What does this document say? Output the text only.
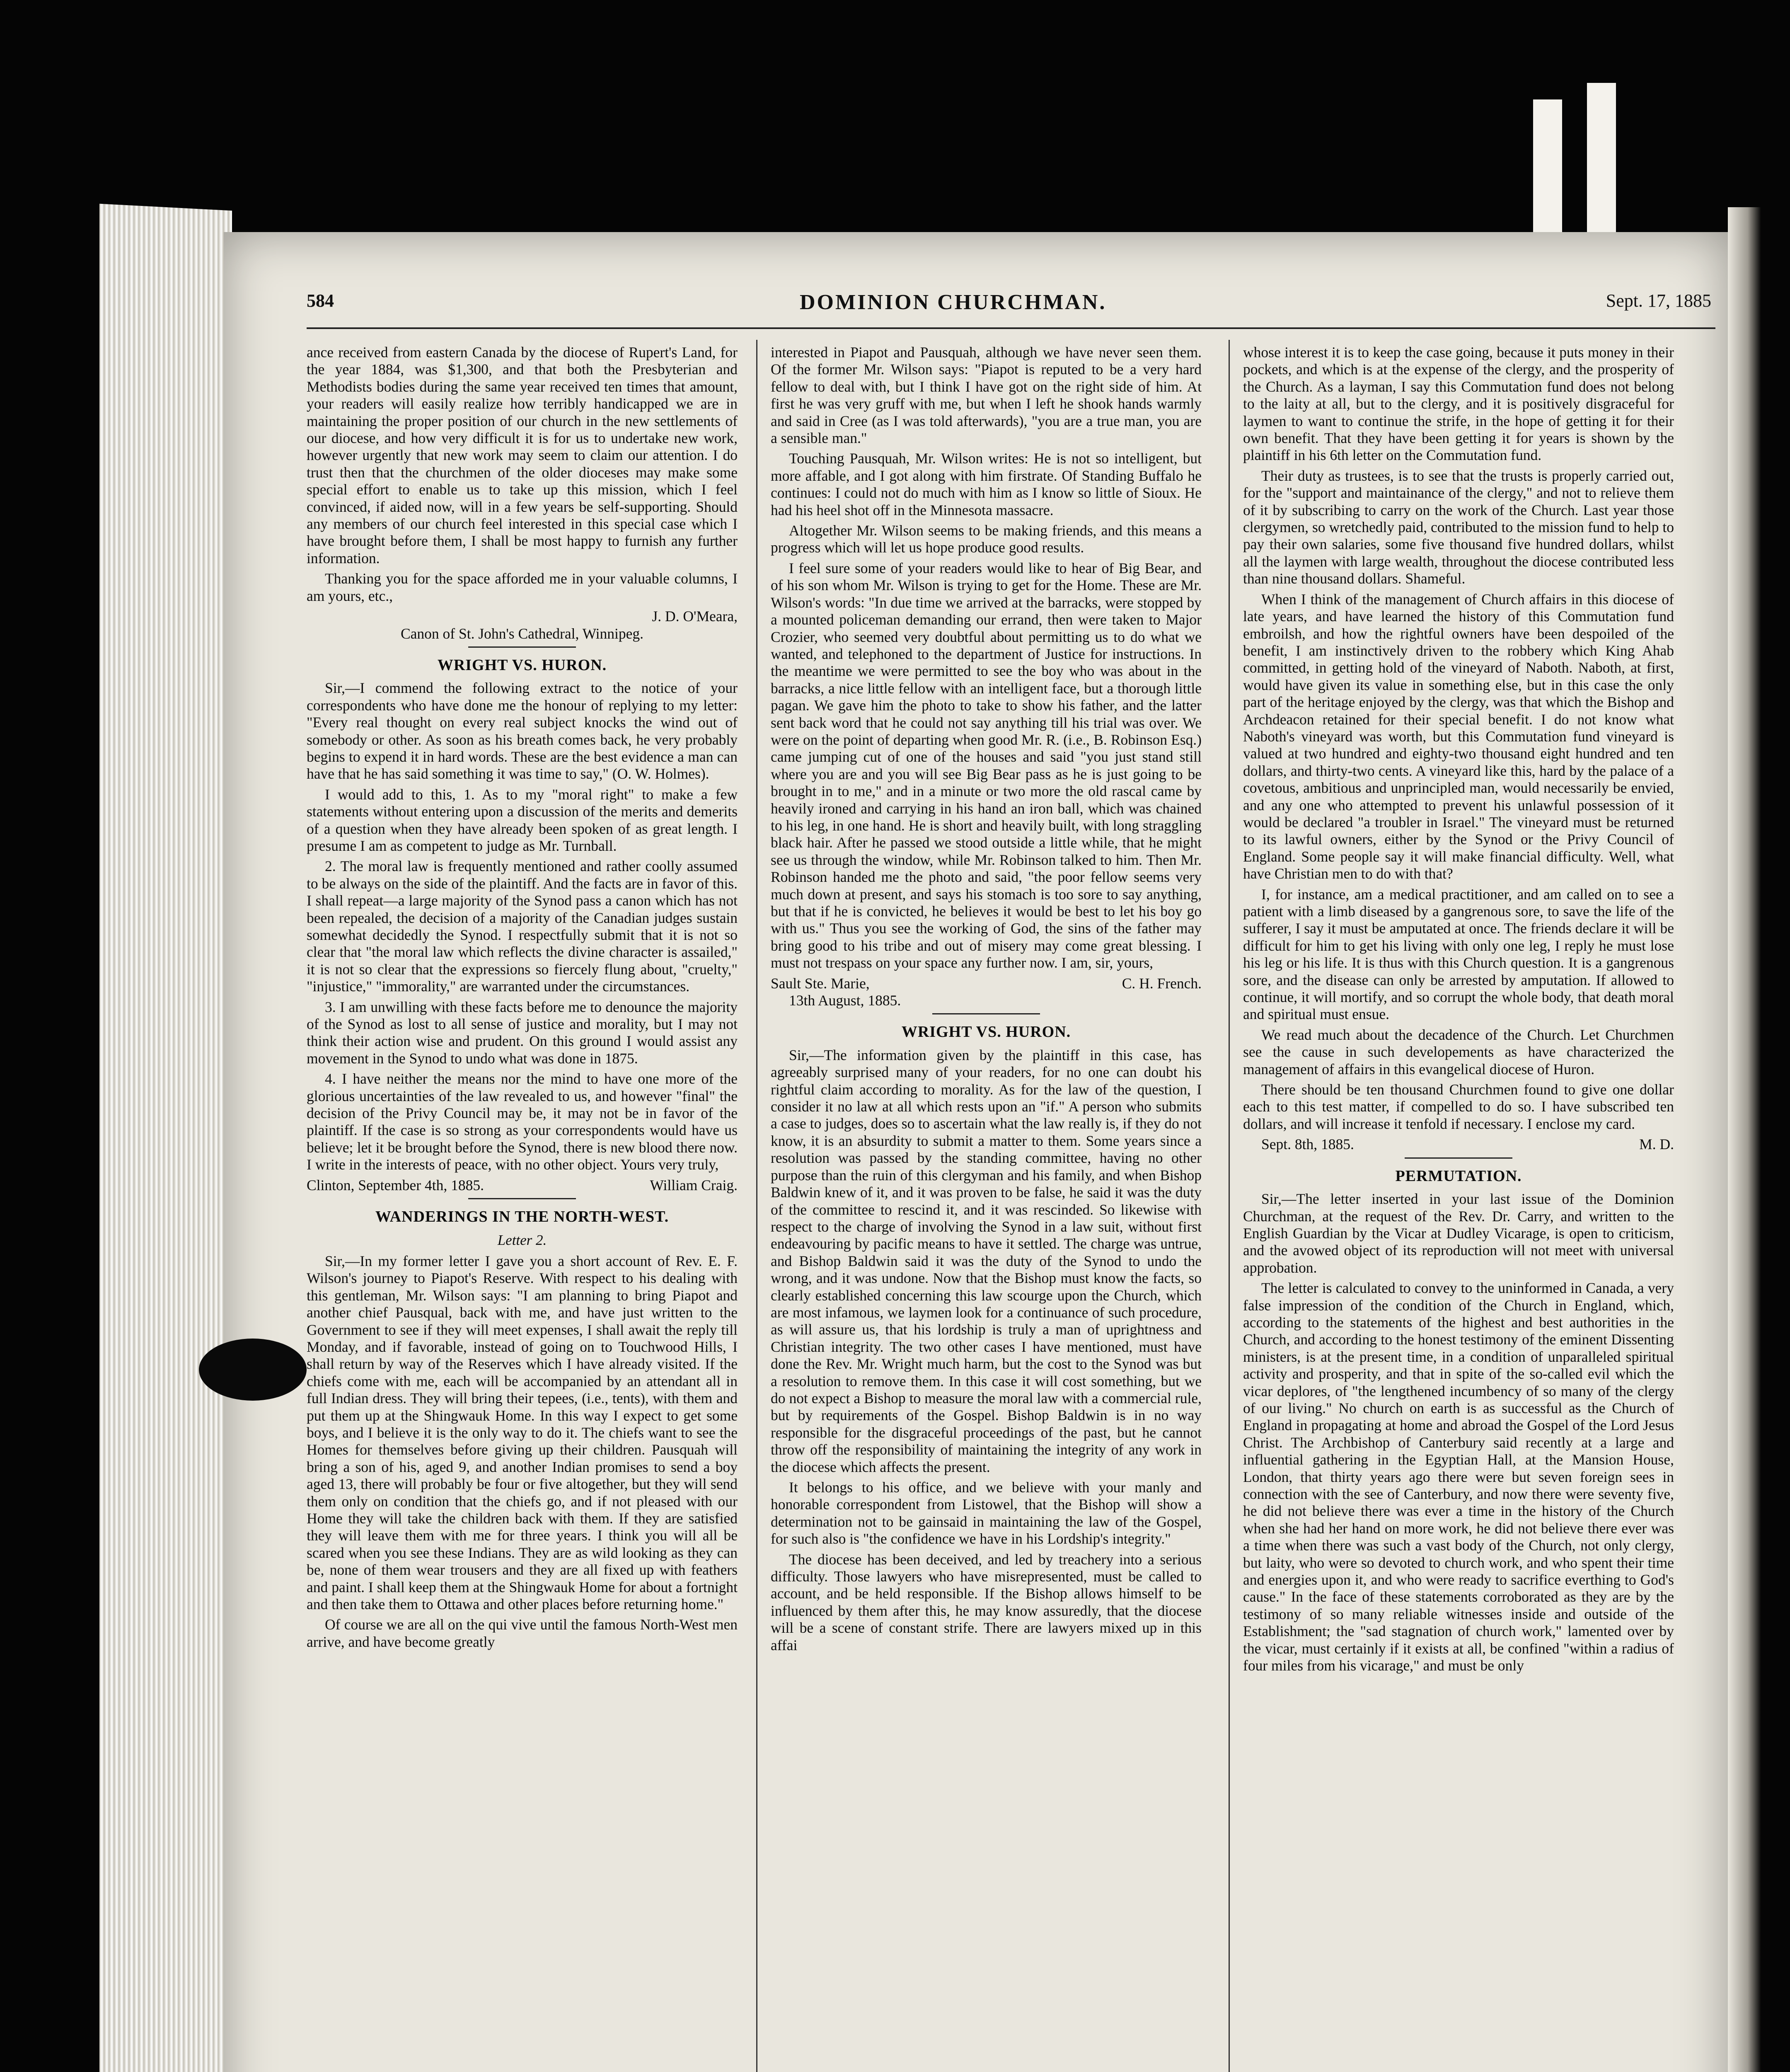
584	DOMINION CHURCHMAN.	Sept. 17, 1885

ance received from eastern Canada by the diocese of Rupert's Land, for the year 1884, was $1,300, and that both the Presbyterian and Methodists bodies during the same year received ten times that amount, your readers will easily realize how terribly handicapped we are in maintaining the proper position of our church in the new settlements of our diocese, and how very difficult it is for us to undertake new work, however urgently that new work may seem to claim our attention. I do trust then that the churchmen of the older dioceses may make some special effort to enable us to take up this mission, which I feel convinced, if aided now, will in a few years be self-supporting. Should any members of our church feel interested in this special case which I have brought before them, I shall be most happy to furnish any further information.

Thanking you for the space afforded me in your valuable columns, I am yours, etc.,

J. D. O'Meara,
Canon of St. John's Cathedral, Winnipeg.
WRIGHT VS. HURON.

Sir,—I commend the following extract to the notice of your correspondents who have done me the honour of replying to my letter: "Every real thought on every real subject knocks the wind out of somebody or other. As soon as his breath comes back, he very probably begins to expend it in hard words. These are the best evidence a man can have that he has said something it was time to say," (O. W. Holmes).

I would add to this, 1. As to my "moral right" to make a few statements without entering upon a discussion of the merits and demerits of a question when they have already been spoken of as great length. I presume I am as competent to judge as Mr. Turnball.

2. The moral law is frequently mentioned and rather coolly assumed to be always on the side of the plaintiff. And the facts are in favor of this. I shall repeat—a large majority of the Synod pass a canon which has not been repealed, the decision of a majority of the Canadian judges sustain somewhat decidedly the Synod. I respectfully submit that it is not so clear that "the moral law which reflects the divine character is assailed," it is not so clear that the expressions so fiercely flung about, "cruelty," "injustice," "immorality," are warranted under the circumstances.

3. I am unwilling with these facts before me to denounce the majority of the Synod as lost to all sense of justice and morality, but I may not think their action wise and prudent. On this ground I would assist any movement in the Synod to undo what was done in 1875.

4. I have neither the means nor the mind to have one more of the glorious uncertainties of the law revealed to us, and however "final" the decision of the Privy Council may be, it may not be in favor of the plaintiff. If the case is so strong as your correspondents would have us believe; let it be brought before the Synod, there is new blood there now. I write in the interests of peace, with no other object. Yours very truly,

Clinton, September 4th, 1885.	William Craig.
WANDERINGS IN THE NORTH-WEST.
Letter 2.

Sir,—In my former letter I gave you a short account of Rev. E. F. Wilson's journey to Piapot's Reserve. With respect to his dealing with this gentleman, Mr. Wilson says: "I am planning to bring Piapot and another chief Pausqual, back with me, and have just written to the Government to see if they will meet expenses, I shall await the reply till Monday, and if favorable, instead of going on to Touchwood Hills, I shall return by way of the Reserves which I have already visited. If the chiefs come with me, each will be accompanied by an attendant all in full Indian dress. They will bring their tepees, (i.e., tents), with them and put them up at the Shingwauk Home. In this way I expect to get some boys, and I believe it is the only way to do it. The chiefs want to see the Homes for themselves before giving up their children. Pausquah will bring a son of his, aged 9, and another Indian promises to send a boy aged 13, there will probably be four or five altogether, but they will send them only on condition that the chiefs go, and if not pleased with our Home they will take the children back with them. If they are satisfied they will leave them with me for three years. I think you will all be scared when you see these Indians. They are as wild looking as they can be, none of them wear trousers and they are all fixed up with feathers and paint. I shall keep them at the Shingwauk Home for about a fortnight and then take them to Ottawa and other places before returning home."

Of course we are all on the qui vive until the famous North-West men arrive, and have become greatly

interested in Piapot and Pausquah, although we have never seen them. Of the former Mr. Wilson says: "Piapot is reputed to be a very hard fellow to deal with, but I think I have got on the right side of him. At first he was very gruff with me, but when I left he shook hands warmly and said in Cree (as I was told afterwards), "you are a true man, you are a sensible man."

Touching Pausquah, Mr. Wilson writes: He is not so intelligent, but more affable, and I got along with him firstrate. Of Standing Buffalo he continues: I could not do much with him as I know so little of Sioux. He had his heel shot off in the Minnesota massacre.

Altogether Mr. Wilson seems to be making friends, and this means a progress which will let us hope produce good results.

I feel sure some of your readers would like to hear of Big Bear, and of his son whom Mr. Wilson is trying to get for the Home. These are Mr. Wilson's words: "In due time we arrived at the barracks, were stopped by a mounted policeman demanding our errand, then were taken to Major Crozier, who seemed very doubtful about permitting us to do what we wanted, and telephoned to the department of Justice for instructions. In the meantime we were permitted to see the boy who was about in the barracks, a nice little fellow with an intelligent face, but a thorough little pagan. We gave him the photo to take to show his father, and the latter sent back word that he could not say anything till his trial was over. We were on the point of departing when good Mr. R. (i.e., B. Robinson Esq.) came jumping cut of one of the houses and said "you just stand still where you are and you will see Big Bear pass as he is just going to be brought in to me," and in a minute or two more the old rascal came by heavily ironed and carrying in his hand an iron ball, which was chained to his leg, in one hand. He is short and heavily built, with long straggling black hair. After he passed we stood outside a little while, that he might see us through the window, while Mr. Robinson talked to him. Then Mr. Robinson handed me the photo and said, "the poor fellow seems very much down at present, and says his stomach is too sore to say anything, but that if he is convicted, he believes it would be best to let his boy go with us." Thus you see the working of God, the sins of the father may bring good to his tribe and out of misery may come great blessing. I must not trespass on your space any further now. I am, sir, yours,

Sault Ste. Marie,	C. H. French.
13th August, 1885.
WRIGHT VS. HURON.

Sir,—The information given by the plaintiff in this case, has agreeably surprised many of your readers, for no one can doubt his rightful claim according to morality. As for the law of the question, I consider it no law at all which rests upon an "if." A person who submits a case to judges, does so to ascertain what the law really is, if they do not know, it is an absurdity to submit a matter to them. Some years since a resolution was passed by the standing committee, having no other purpose than the ruin of this clergyman and his family, and when Bishop Baldwin knew of it, and it was proven to be false, he said it was the duty of the committee to rescind it, and it was rescinded. So likewise with respect to the charge of involving the Synod in a law suit, without first endeavouring by pacific means to have it settled. The charge was untrue, and Bishop Baldwin said it was the duty of the Synod to undo the wrong, and it was undone. Now that the Bishop must know the facts, so clearly established concerning this law scourge upon the Church, which are most infamous, we laymen look for a continuance of such procedure, as will assure us, that his lordship is truly a man of uprightness and Christian integrity. The two other cases I have mentioned, must have done the Rev. Mr. Wright much harm, but the cost to the Synod was but a resolution to remove them. In this case it will cost something, but we do not expect a Bishop to measure the moral law with a commercial rule, but by requirements of the Gospel. Bishop Baldwin is in no way responsible for the disgraceful proceedings of the past, but he cannot throw off the responsibility of maintaining the integrity of any work in the diocese which affects the present.

It belongs to his office, and we believe with your manly and honorable correspondent from Listowel, that the Bishop will show a determination not to be gainsaid in maintaining the law of the Gospel, for such also is "the confidence we have in his Lordship's integrity."

The diocese has been deceived, and led by treachery into a serious difficulty. Those lawyers who have misrepresented, must be called to account, and be held responsible. If the Bishop allows himself to be influenced by them after this, he may know assuredly, that the diocese will be a scene of constant strife. There are lawyers mixed up in this affai

whose interest it is to keep the case going, because it puts money in their pockets, and which is at the expense of the clergy, and the prosperity of the Church. As a layman, I say this Commutation fund does not belong to the laity at all, but to the clergy, and it is positively disgraceful for laymen to want to continue the strife, in the hope of getting it for their own benefit. That they have been getting it for years is shown by the plaintiff in his 6th letter on the Commutation fund.

Their duty as trustees, is to see that the trusts is properly carried out, for the "support and maintainance of the clergy," and not to relieve them of it by subscribing to carry on the work of the Church. Last year those clergymen, so wretchedly paid, contributed to the mission fund to help to pay their own salaries, some five thousand five hundred dollars, whilst all the laymen with large wealth, throughout the diocese contributed less than nine thousand dollars. Shameful.

When I think of the management of Church affairs in this diocese of late years, and have learned the history of this Commutation fund embroilsh, and how the rightful owners have been despoiled of the benefit, I am instinctively driven to the robbery which King Ahab committed, in getting hold of the vineyard of Naboth. Naboth, at first, would have given its value in something else, but in this case the only part of the heritage enjoyed by the clergy, was that which the Bishop and Archdeacon retained for their special benefit. I do not know what Naboth's vineyard was worth, but this Commutation fund vineyard is valued at two hundred and eighty-two thousand eight hundred and ten dollars, and thirty-two cents. A vineyard like this, hard by the palace of a covetous, ambitious and unprincipled man, would necessarily be envied, and any one who attempted to prevent his unlawful possession of it would be declared "a troubler in Israel." The vineyard must be returned to its lawful owners, either by the Synod or the Privy Council of England. Some people say it will make financial difficulty. Well, what have Christian men to do with that?

I, for instance, am a medical practitioner, and am called on to see a patient with a limb diseased by a gangrenous sore, to save the life of the sufferer, I say it must be amputated at once. The friends declare it will be difficult for him to get his living with only one leg, I reply he must lose his leg or his life. It is thus with this Church question. It is a gangrenous sore, and the disease can only be arrested by amputation. If allowed to continue, it will mortify, and so corrupt the whole body, that death moral and spiritual must ensue.

We read much about the decadence of the Church. Let Churchmen see the cause in such developements as have characterized the management of affairs in this evangelical diocese of Huron.

There should be ten thousand Churchmen found to give one dollar each to this test matter, if compelled to do so. I have subscribed ten dollars, and will increase it tenfold if necessary. I enclose my card.

Sept. 8th, 1885.	M. D.
PERMUTATION.

Sir,—The letter inserted in your last issue of the Dominion Churchman, at the request of the Rev. Dr. Carry, and written to the English Guardian by the Vicar at Dudley Vicarage, is open to criticism, and the avowed object of its reproduction will not meet with universal approbation.

The letter is calculated to convey to the uninformed in Canada, a very false impression of the condition of the Church in England, which, according to the statements of the highest and best authorities in the Church, and according to the honest testimony of the eminent Dissenting ministers, is at the present time, in a condition of unparalleled spiritual activity and prosperity, and that in spite of the so-called evil which the vicar deplores, of "the lengthened incumbency of so many of the clergy of our living." No church on earth is as successful as the Church of England in propagating at home and abroad the Gospel of the Lord Jesus Christ. The Archbishop of Canterbury said recently at a large and influential gathering in the Egyptian Hall, at the Mansion House, London, that thirty years ago there were but seven foreign sees in connection with the see of Canterbury, and now there were seventy five, he did not believe there was ever a time in the history of the Church when she had her hand on more work, he did not believe there ever was a time when there was such a vast body of the Church, not only clergy, but laity, who were so devoted to church work, and who spent their time and energies upon it, and who were ready to sacrifice everthing to God's cause." In the face of these statements corroborated as they are by the testimony of so many reliable witnesses inside and outside of the Establishment; the "sad stagnation of church work," lamented over by the vicar, must certainly if it exists at all, be confined "within a radius of four miles from his vicarage," and must be only
